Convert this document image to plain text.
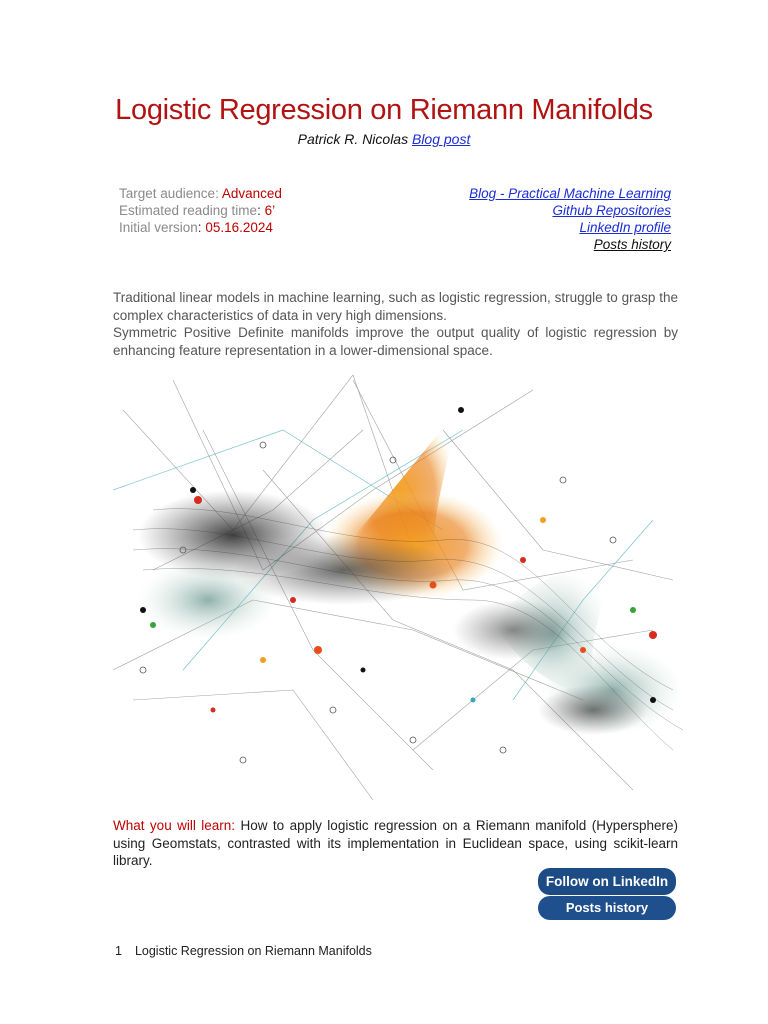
Logistic Regression on Riemann Manifolds
Patrick R. Nicolas Blog post
Target audience: Advanced
Estimated reading time: 6’
Initial version: 05.16.2024
Blog - Practical Machine Learning
Github Repositories
LinkedIn profile
Posts history

Traditional linear models in machine learning, such as logistic regression, struggle to grasp the complex characteristics of data in very high dimensions.

Symmetric Positive Definite manifolds improve the output quality of logistic regression by enhancing feature representation in a lower-dimensional space.

What you will learn: How to apply logistic regression on a Riemann manifold (Hypersphere) using Geomstats, contrasted with its implementation in Euclidean space, using scikit-learn library.
Follow on LinkedIn
Posts history
1 Logistic Regression on Riemann Manifolds
